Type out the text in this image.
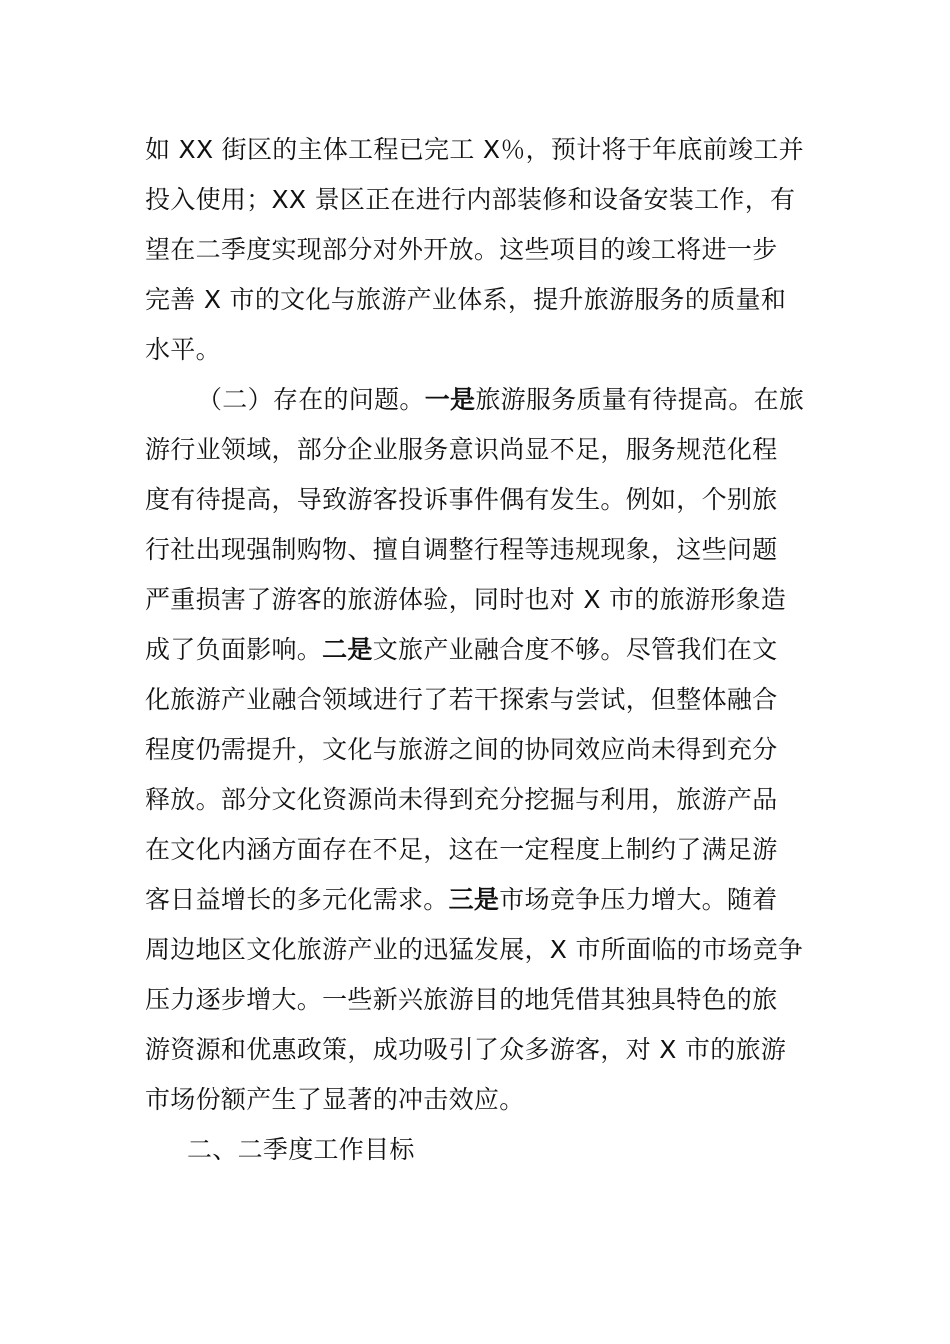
如 XX 街区的主体工程已完工 X％，预计将于年底前竣工并
投入使用；XX 景区正在进行内部装修和设备安装工作，有
望在二季度实现部分对外开放。这些项目的竣工将进一步
完善 X 市的文化与旅游产业体系，提升旅游服务的质量和
水平。
（二）存在的问题。一是旅游服务质量有待提高。在旅
游行业领域，部分企业服务意识尚显不足，服务规范化程
度有待提高，导致游客投诉事件偶有发生。例如，个别旅
行社出现强制购物、擅自调整行程等违规现象，这些问题
严重损害了游客的旅游体验，同时也对 X 市的旅游形象造
成了负面影响。二是文旅产业融合度不够。尽管我们在文
化旅游产业融合领域进行了若干探索与尝试，但整体融合
程度仍需提升，文化与旅游之间的协同效应尚未得到充分
释放。部分文化资源尚未得到充分挖掘与利用，旅游产品
在文化内涵方面存在不足，这在一定程度上制约了满足游
客日益增长的多元化需求。三是市场竞争压力增大。随着
周边地区文化旅游产业的迅猛发展，X 市所面临的市场竞争
压力逐步增大。一些新兴旅游目的地凭借其独具特色的旅
游资源和优惠政策，成功吸引了众多游客，对 X 市的旅游
市场份额产生了显著的冲击效应。
二、二季度工作目标
